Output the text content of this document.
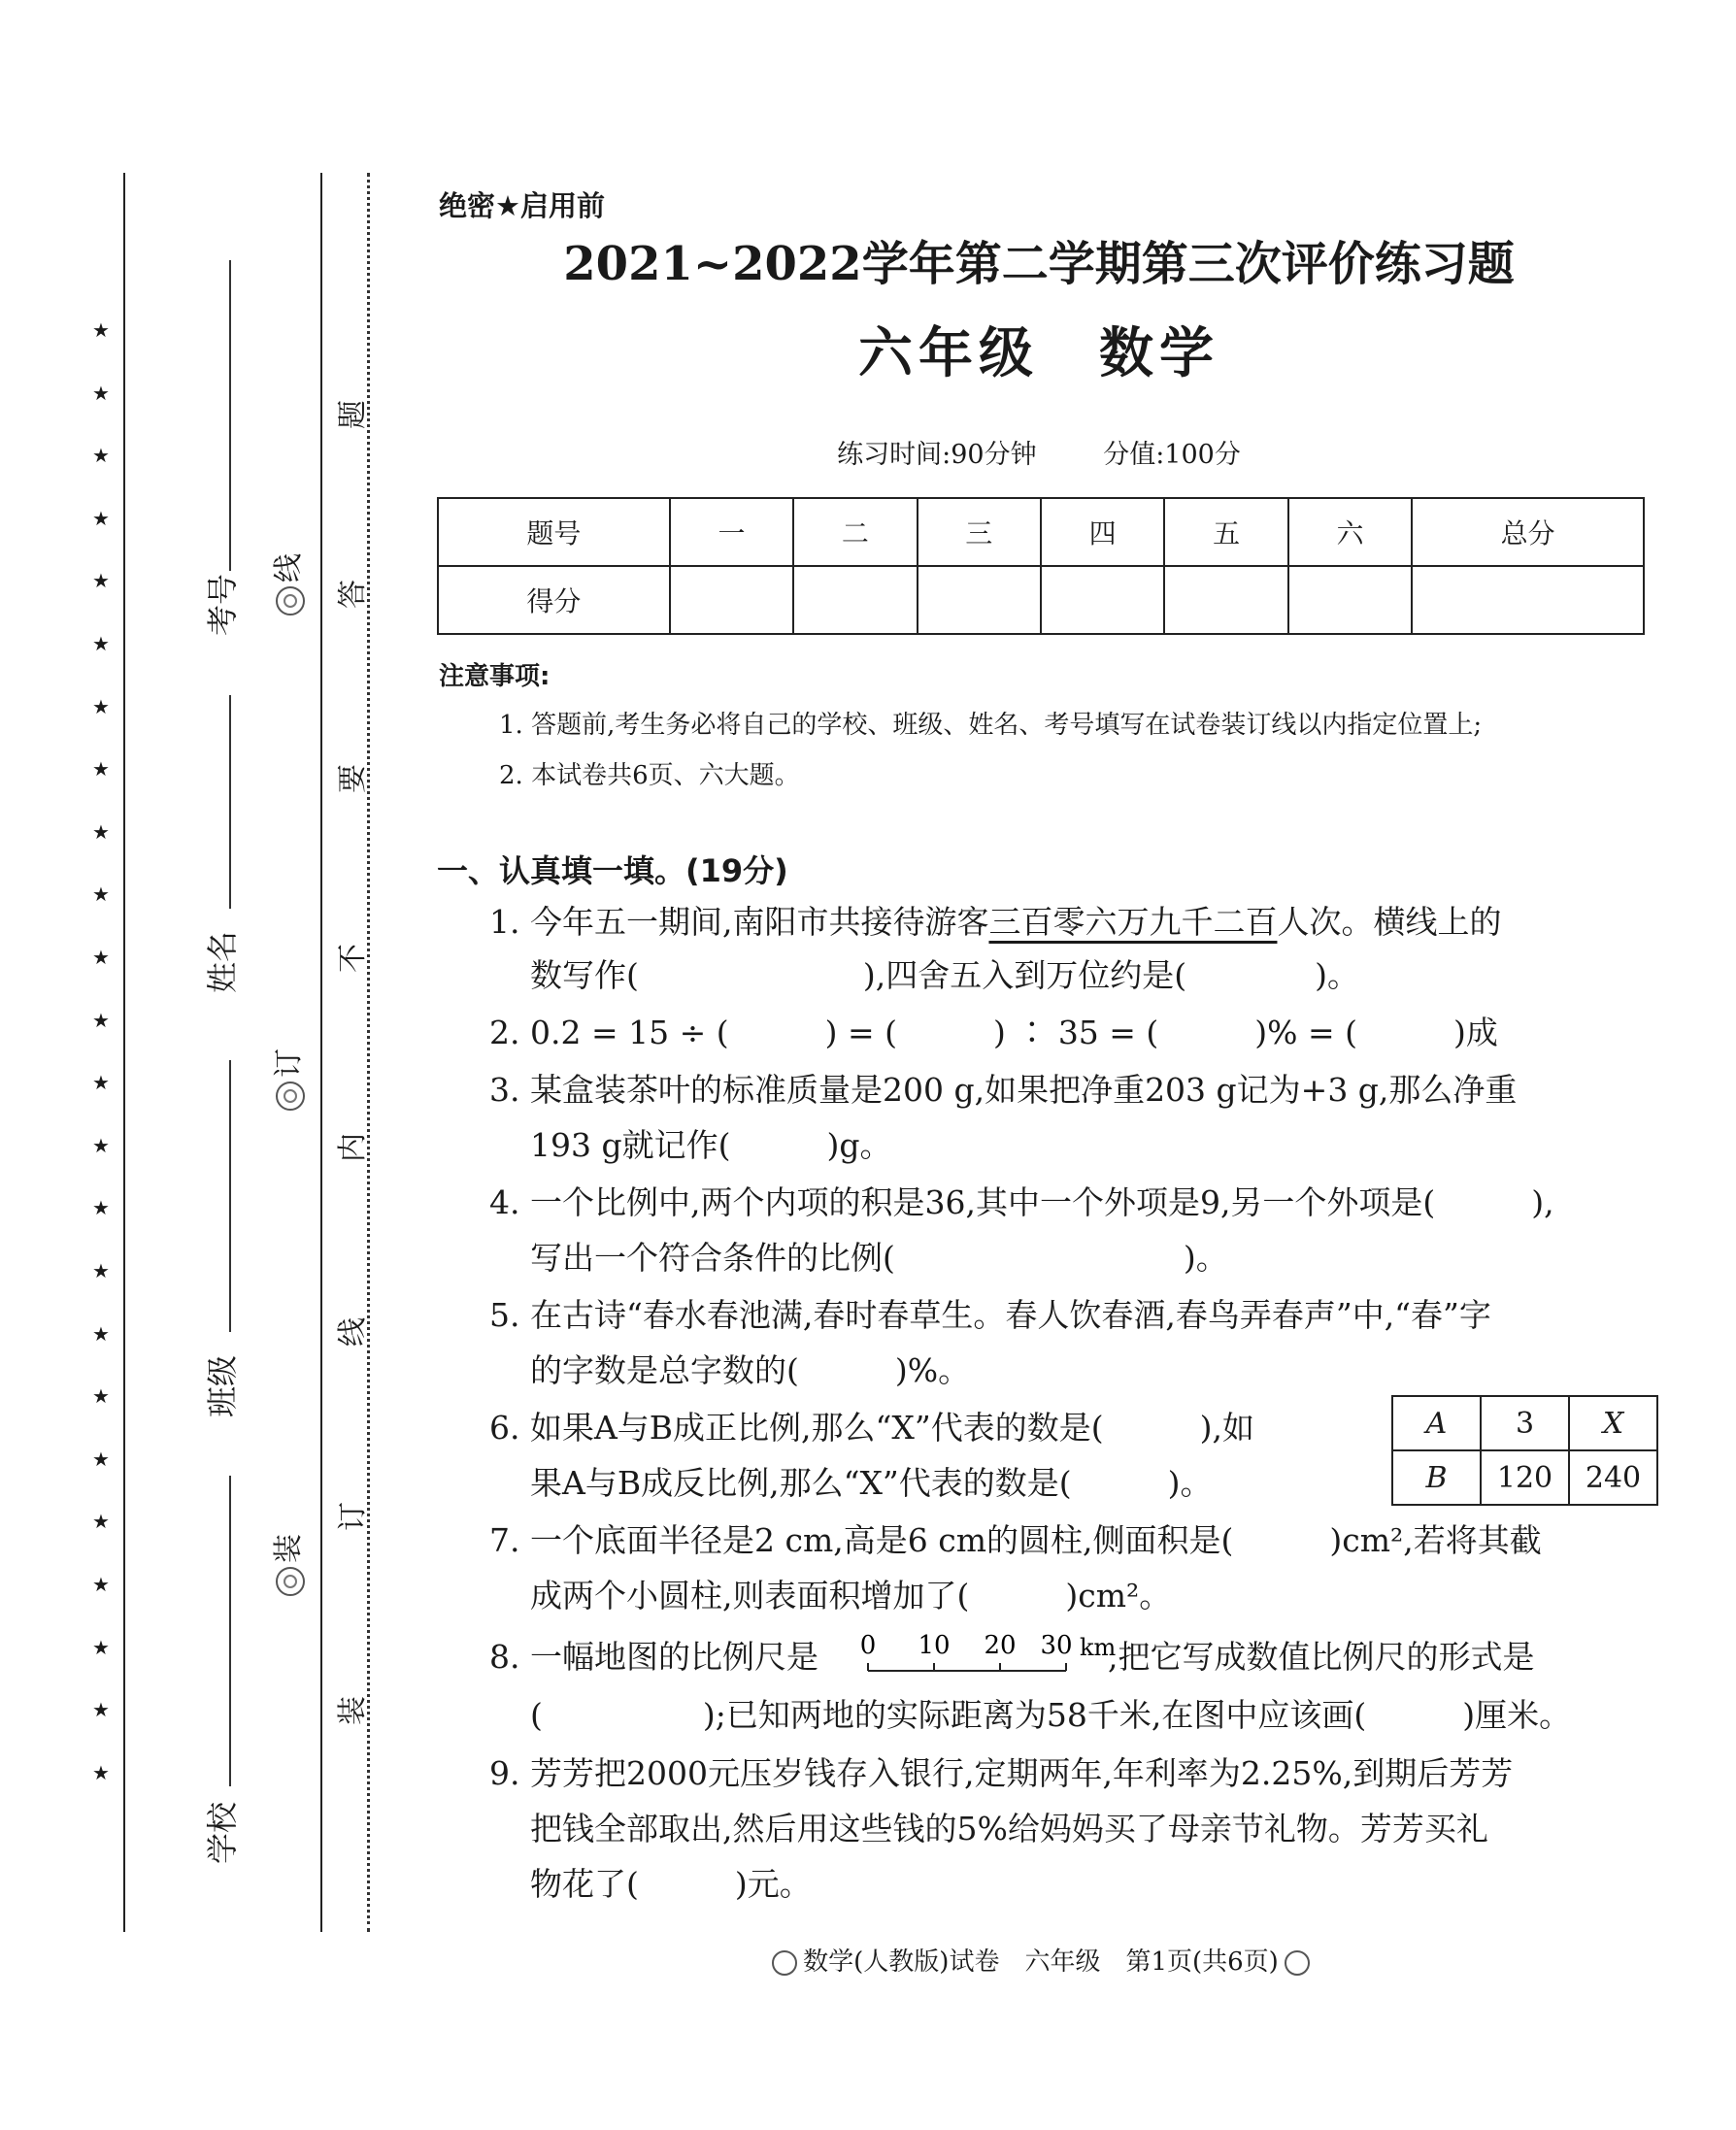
★
★
★
★
★
★
★
★
★
★
★
★
★
★
★
★
★
★
★
★
★
★
★
★
考号
姓名
班级
学校
线
订
装
题
答
要
不
内
线
订
装
绝密★启用前
2021~2022学年第二学期第三次评价练习题
六年级　数学
练习时间:90分钟	分值:100分
题号	一	二	三	四	五	六	总分
得分							
注意事项:
1. 答题前,考生务必将自己的学校、班级、姓名、考号填写在试卷装订线以内指定位置上;
2. 本试卷共6页、六大题。
一、认真填一填。(19分)
1. 今年五一期间,南阳市共接待游客三百零六万九千二百人次。横线上的
数写作(　　　　　　　),四舍五入到万位约是(　　　　)。
2. 0.2 = 15 ÷ (　　　) = (　　　) ∶ 35 = (　　　)% = (　　　)成
3. 某盒装茶叶的标准质量是200 g,如果把净重203 g记为+3 g,那么净重
193 g就记作(　　　)g。
4. 一个比例中,两个内项的积是36,其中一个外项是9,另一个外项是(　　　),
写出一个符合条件的比例(　　　　　　　　　)。
5. 在古诗“春水春池满,春时春草生。春人饮春酒,春鸟弄春声”中,“春”字
的字数是总字数的(　　　)%。
6. 如果A与B成正比例,那么“X”代表的数是(　　　),如
果A与B成反比例,那么“X”代表的数是(　　　)。
A	3	X
B	120	240
7. 一个底面半径是2 cm,高是6 cm的圆柱,侧面积是(　　　)cm²,若将其截
成两个小圆柱,则表面积增加了(　　　)cm²。
8. 一幅地图的比例尺是	,把它写成数值比例尺的形式是
0 10 20 30 km
(　　　　　);已知两地的实际距离为58千米,在图中应该画(　　　)厘米。
9. 芳芳把2000元压岁钱存入银行,定期两年,年利率为2.25%,到期后芳芳
把钱全部取出,然后用这些钱的5%给妈妈买了母亲节礼物。芳芳买礼
物花了(　　　)元。
数学(人教版)试卷　六年级　第1页(共6页)
